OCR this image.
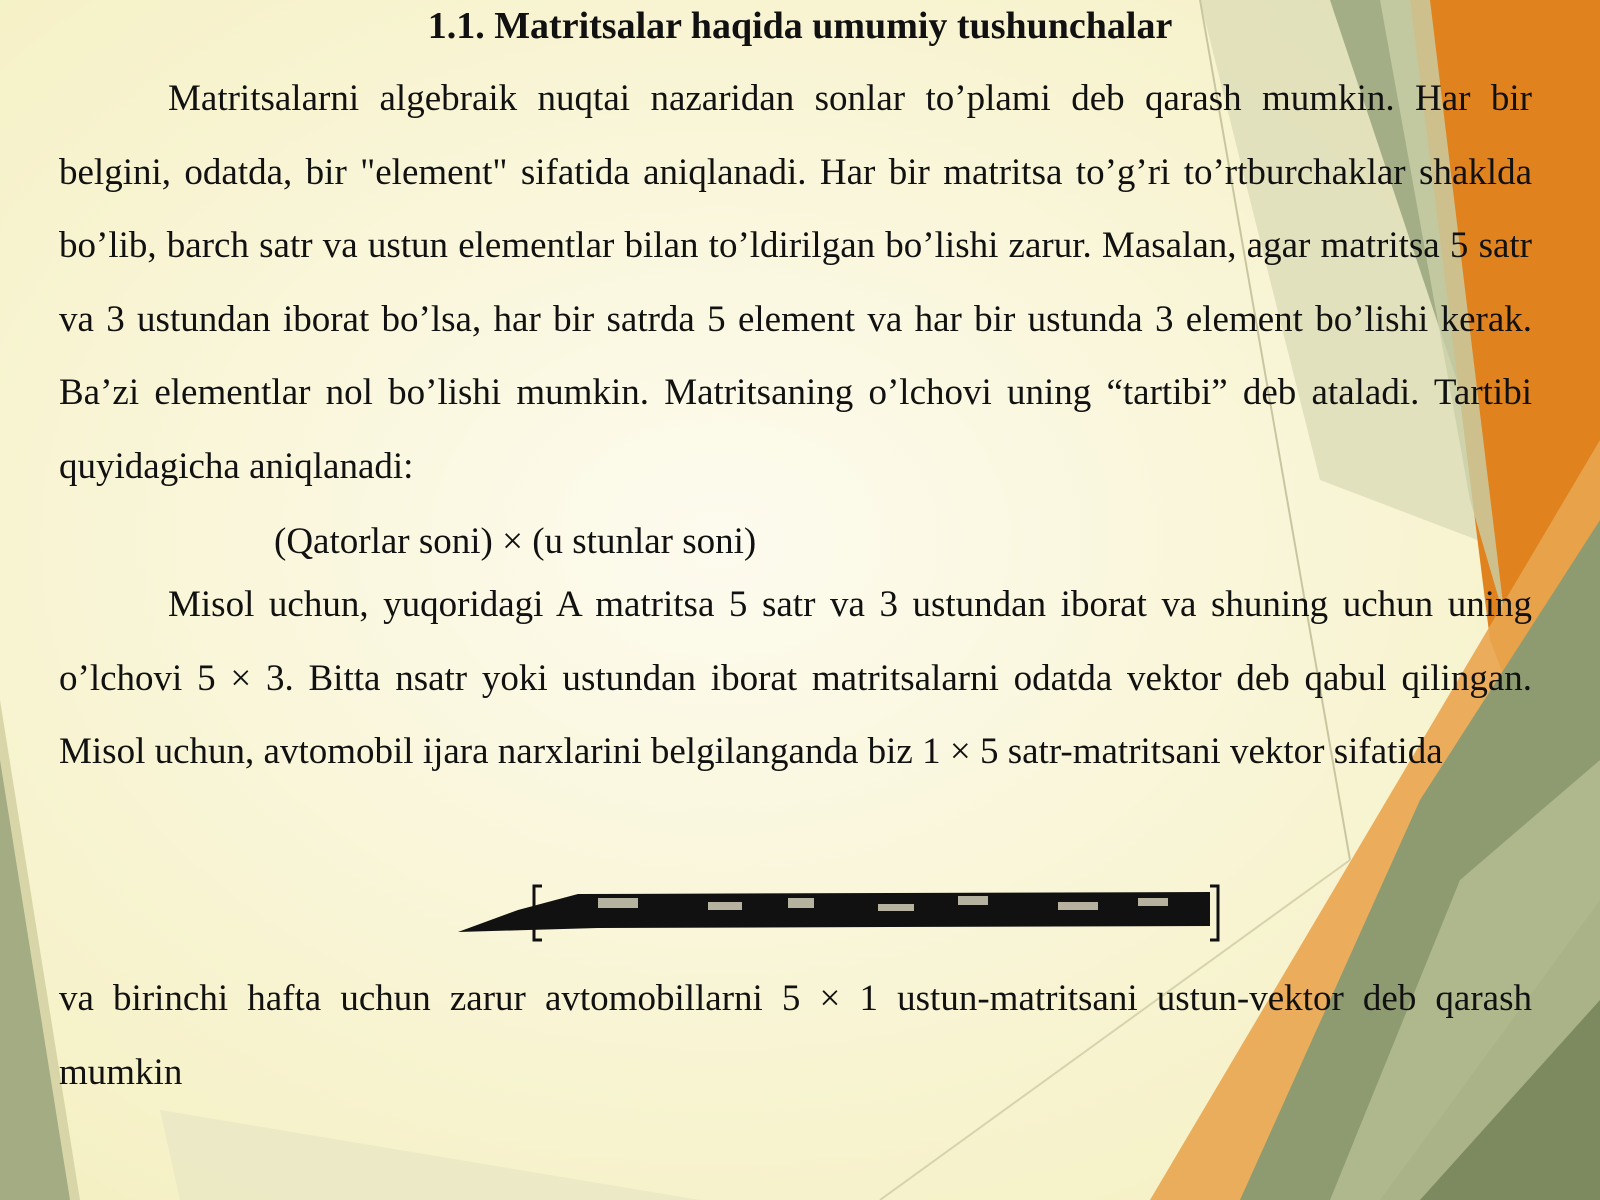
1.1. Matritsalar haqida umumiy tushunchalar

Matritsalarni algebraik nuqtai nazaridan sonlar to’plami deb qarash mumkin. Har bir belgini, odatda, bir "element" sifatida aniqlanadi. Har bir matritsa to’g’ri to’rtburchaklar shakldа bo’lib, barch satr va ustun elementlar bilan to’ldirilgan bo’lishi zarur. Masalan, agar matritsa 5 satr va 3 ustundan iborat bo’lsa, har bir satrda 5 element va har bir ustunda 3 element bo’lishi kerak. Ba’zi elementlar nol bo’lishi mumkin. Matritsaning o’lchovi uning “tartibi” deb ataladi. Tartibi quyidagicha aniqlanadi:

(Qatorlar soni) × (u stunlar soni)

Misol uchun, yuqoridagi A matritsa 5 satr va 3 ustundan iborat va shuning uchun uning o’lchovi 5 × 3. Bitta nsatr yoki ustundan iborat matritsalarni odatda vektor deb qabul qilingan. Misol uchun, avtomobil ijara narxlarini belgilanganda biz 1 × 5 satr-matritsani vektor sifatida

va birinchi hafta uchun zarur avtomobillarni 5 × 1 ustun-matritsani ustun-vektor deb qarash mumkin
